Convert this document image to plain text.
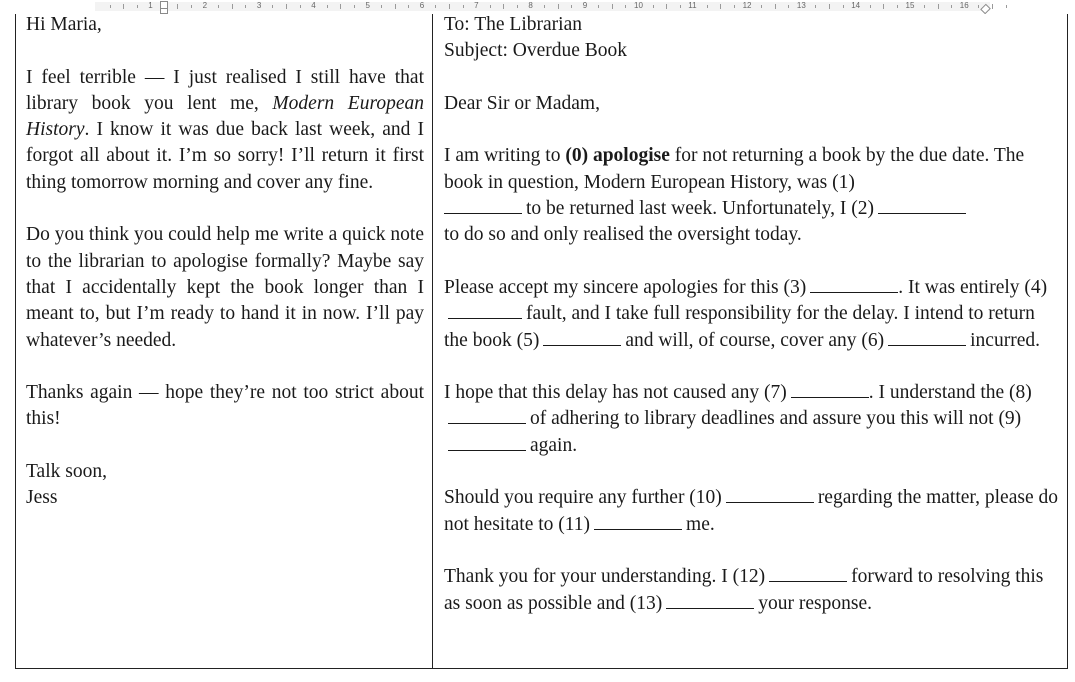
1	2	3	4	5	6	7	8	9	10	11	12	13	14	15	16

Hi Maria,

I feel terrible — I just realised I still have that library book you lent me, Modern European History. I know it was due back last week, and I forgot all about it. I’m so sorry! I’ll return it first thing tomorrow morning and cover any fine.

Do you think you could help me write a quick note to the librarian to apologise formally? Maybe say that I accidentally kept the book longer than I meant to, but I’m ready to hand it in now. I’ll pay whatever’s needed.

Thanks again — hope they’re not too strict about this!

Talk soon,

Jess

To: The Librarian

Subject: Overdue Book

Dear Sir or Madam,

I am writing to (0) apologise for not returning a book by the due date. The book in question, Modern European History, was (1)
to be returned last week. Unfortunately, I (2)
to do so and only realised the oversight today.

Please accept my sincere apologies for this (3)	. It was entirely (4)fault, and I take full responsibility for the delay. I intend to return the book (5)	and will, of course, cover any (6)	incurred.

I hope that this delay has not caused any (7)	. I understand the (8)of adhering to library deadlines and assure you this will not (9)again.

Should you require any further (10)	regarding the matter, please do not hesitate to (11)	me.

Thank you for your understanding. I (12)	forward to resolving this as soon as possible and (13)	your response.
